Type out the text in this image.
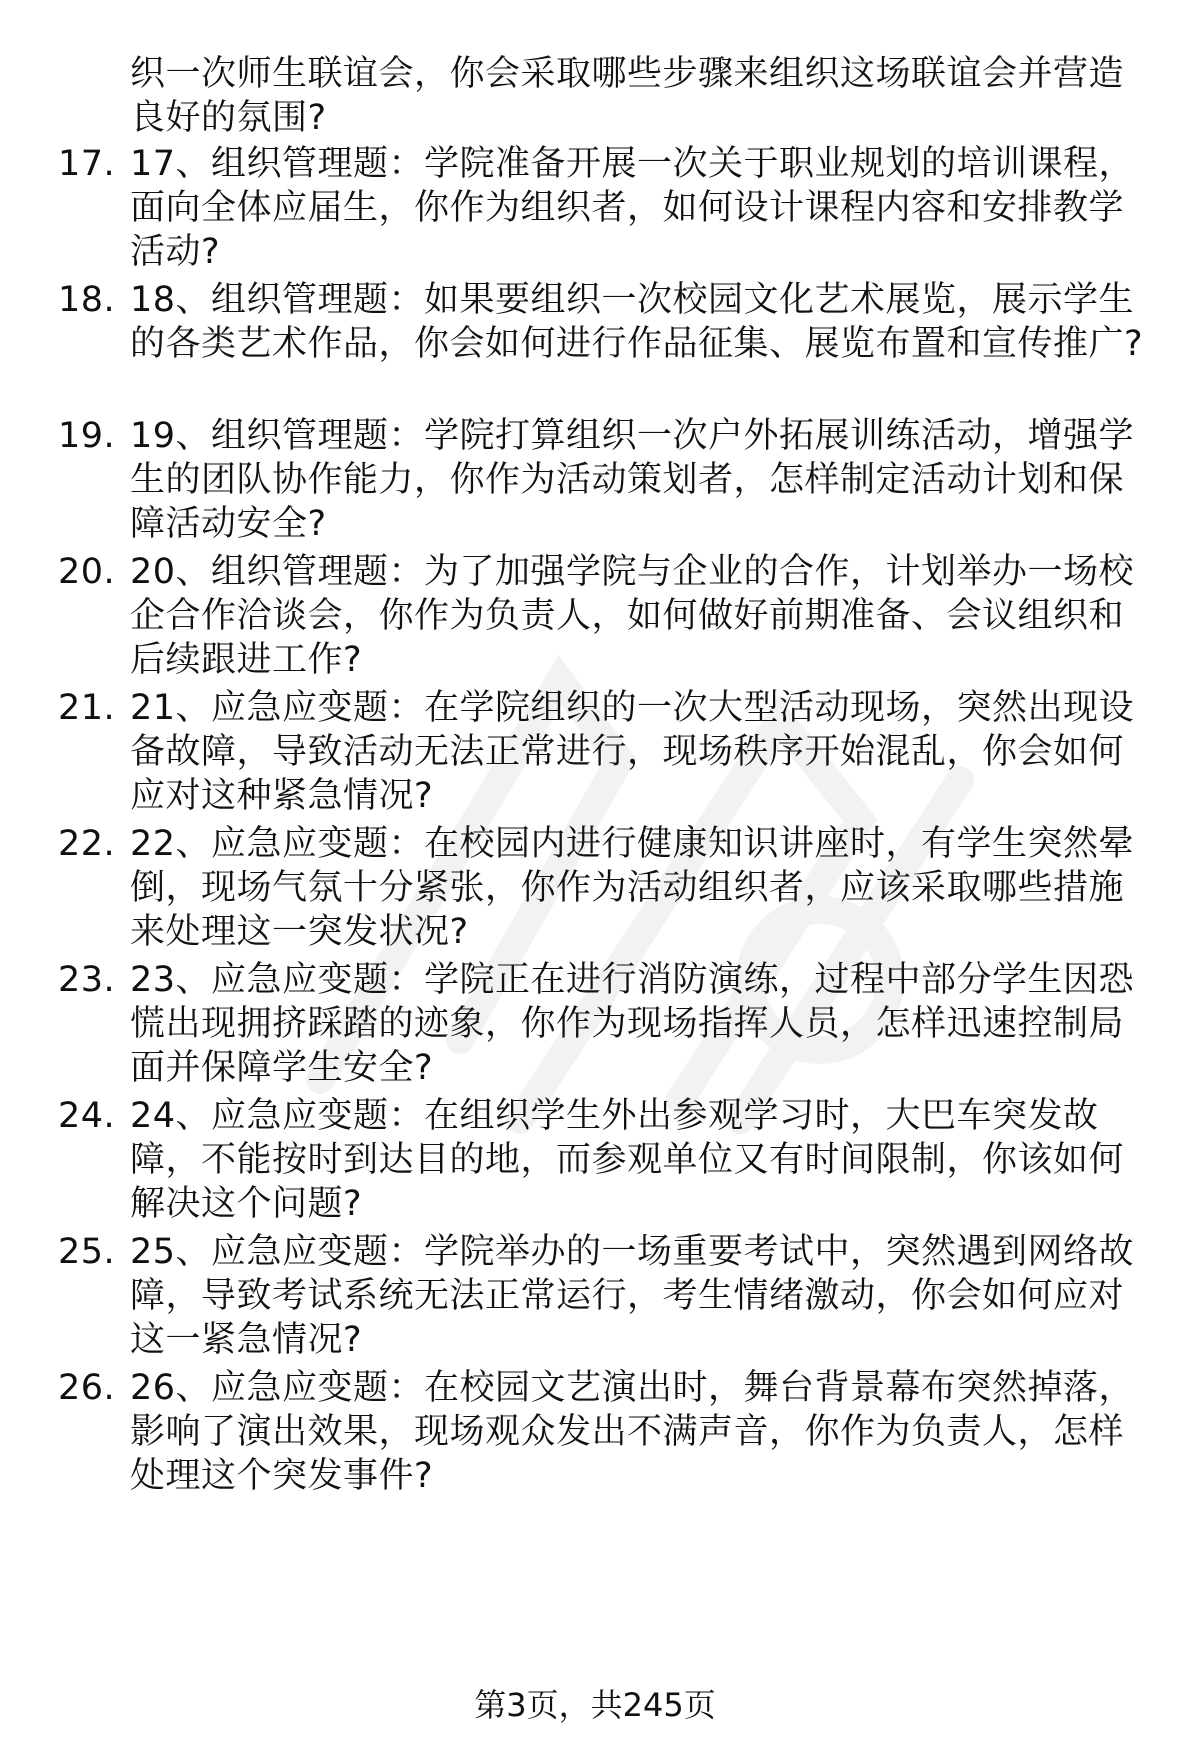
织一次师生联谊会，你会采取哪些步骤来组织这场联谊会并营造良好的氛围?
17. 17、组织管理题：学院准备开展一次关于职业规划的培训课程，面向全体应届生，你作为组织者，如何设计课程内容和安排教学活动?
18. 18、组织管理题：如果要组织一次校园文化艺术展览，展示学生的各类艺术作品，你会如何进行作品征集、展览布置和宣传推广?
19. 19、组织管理题：学院打算组织一次户外拓展训练活动，增强学生的团队协作能力，你作为活动策划者，怎样制定活动计划和保障活动安全?
20. 20、组织管理题：为了加强学院与企业的合作，计划举办一场校企合作洽谈会，你作为负责人，如何做好前期准备、会议组织和后续跟进工作?
21. 21、应急应变题：在学院组织的一次大型活动现场，突然出现设备故障，导致活动无法正常进行，现场秩序开始混乱，你会如何应对这种紧急情况?
22. 22、应急应变题：在校园内进行健康知识讲座时，有学生突然晕倒，现场气氛十分紧张，你作为活动组织者，应该采取哪些措施来处理这一突发状况?
23. 23、应急应变题：学院正在进行消防演练，过程中部分学生因恐慌出现拥挤踩踏的迹象，你作为现场指挥人员，怎样迅速控制局面并保障学生安全?
24. 24、应急应变题：在组织学生外出参观学习时，大巴车突发故障，不能按时到达目的地，而参观单位又有时间限制，你该如何解决这个问题?
25. 25、应急应变题：学院举办的一场重要考试中，突然遇到网络故障，导致考试系统无法正常运行，考生情绪激动，你会如何应对这一紧急情况?
26. 26、应急应变题：在校园文艺演出时，舞台背景幕布突然掉落，影响了演出效果，现场观众发出不满声音，你作为负责人，怎样处理这个突发事件?
第3页，共245页
